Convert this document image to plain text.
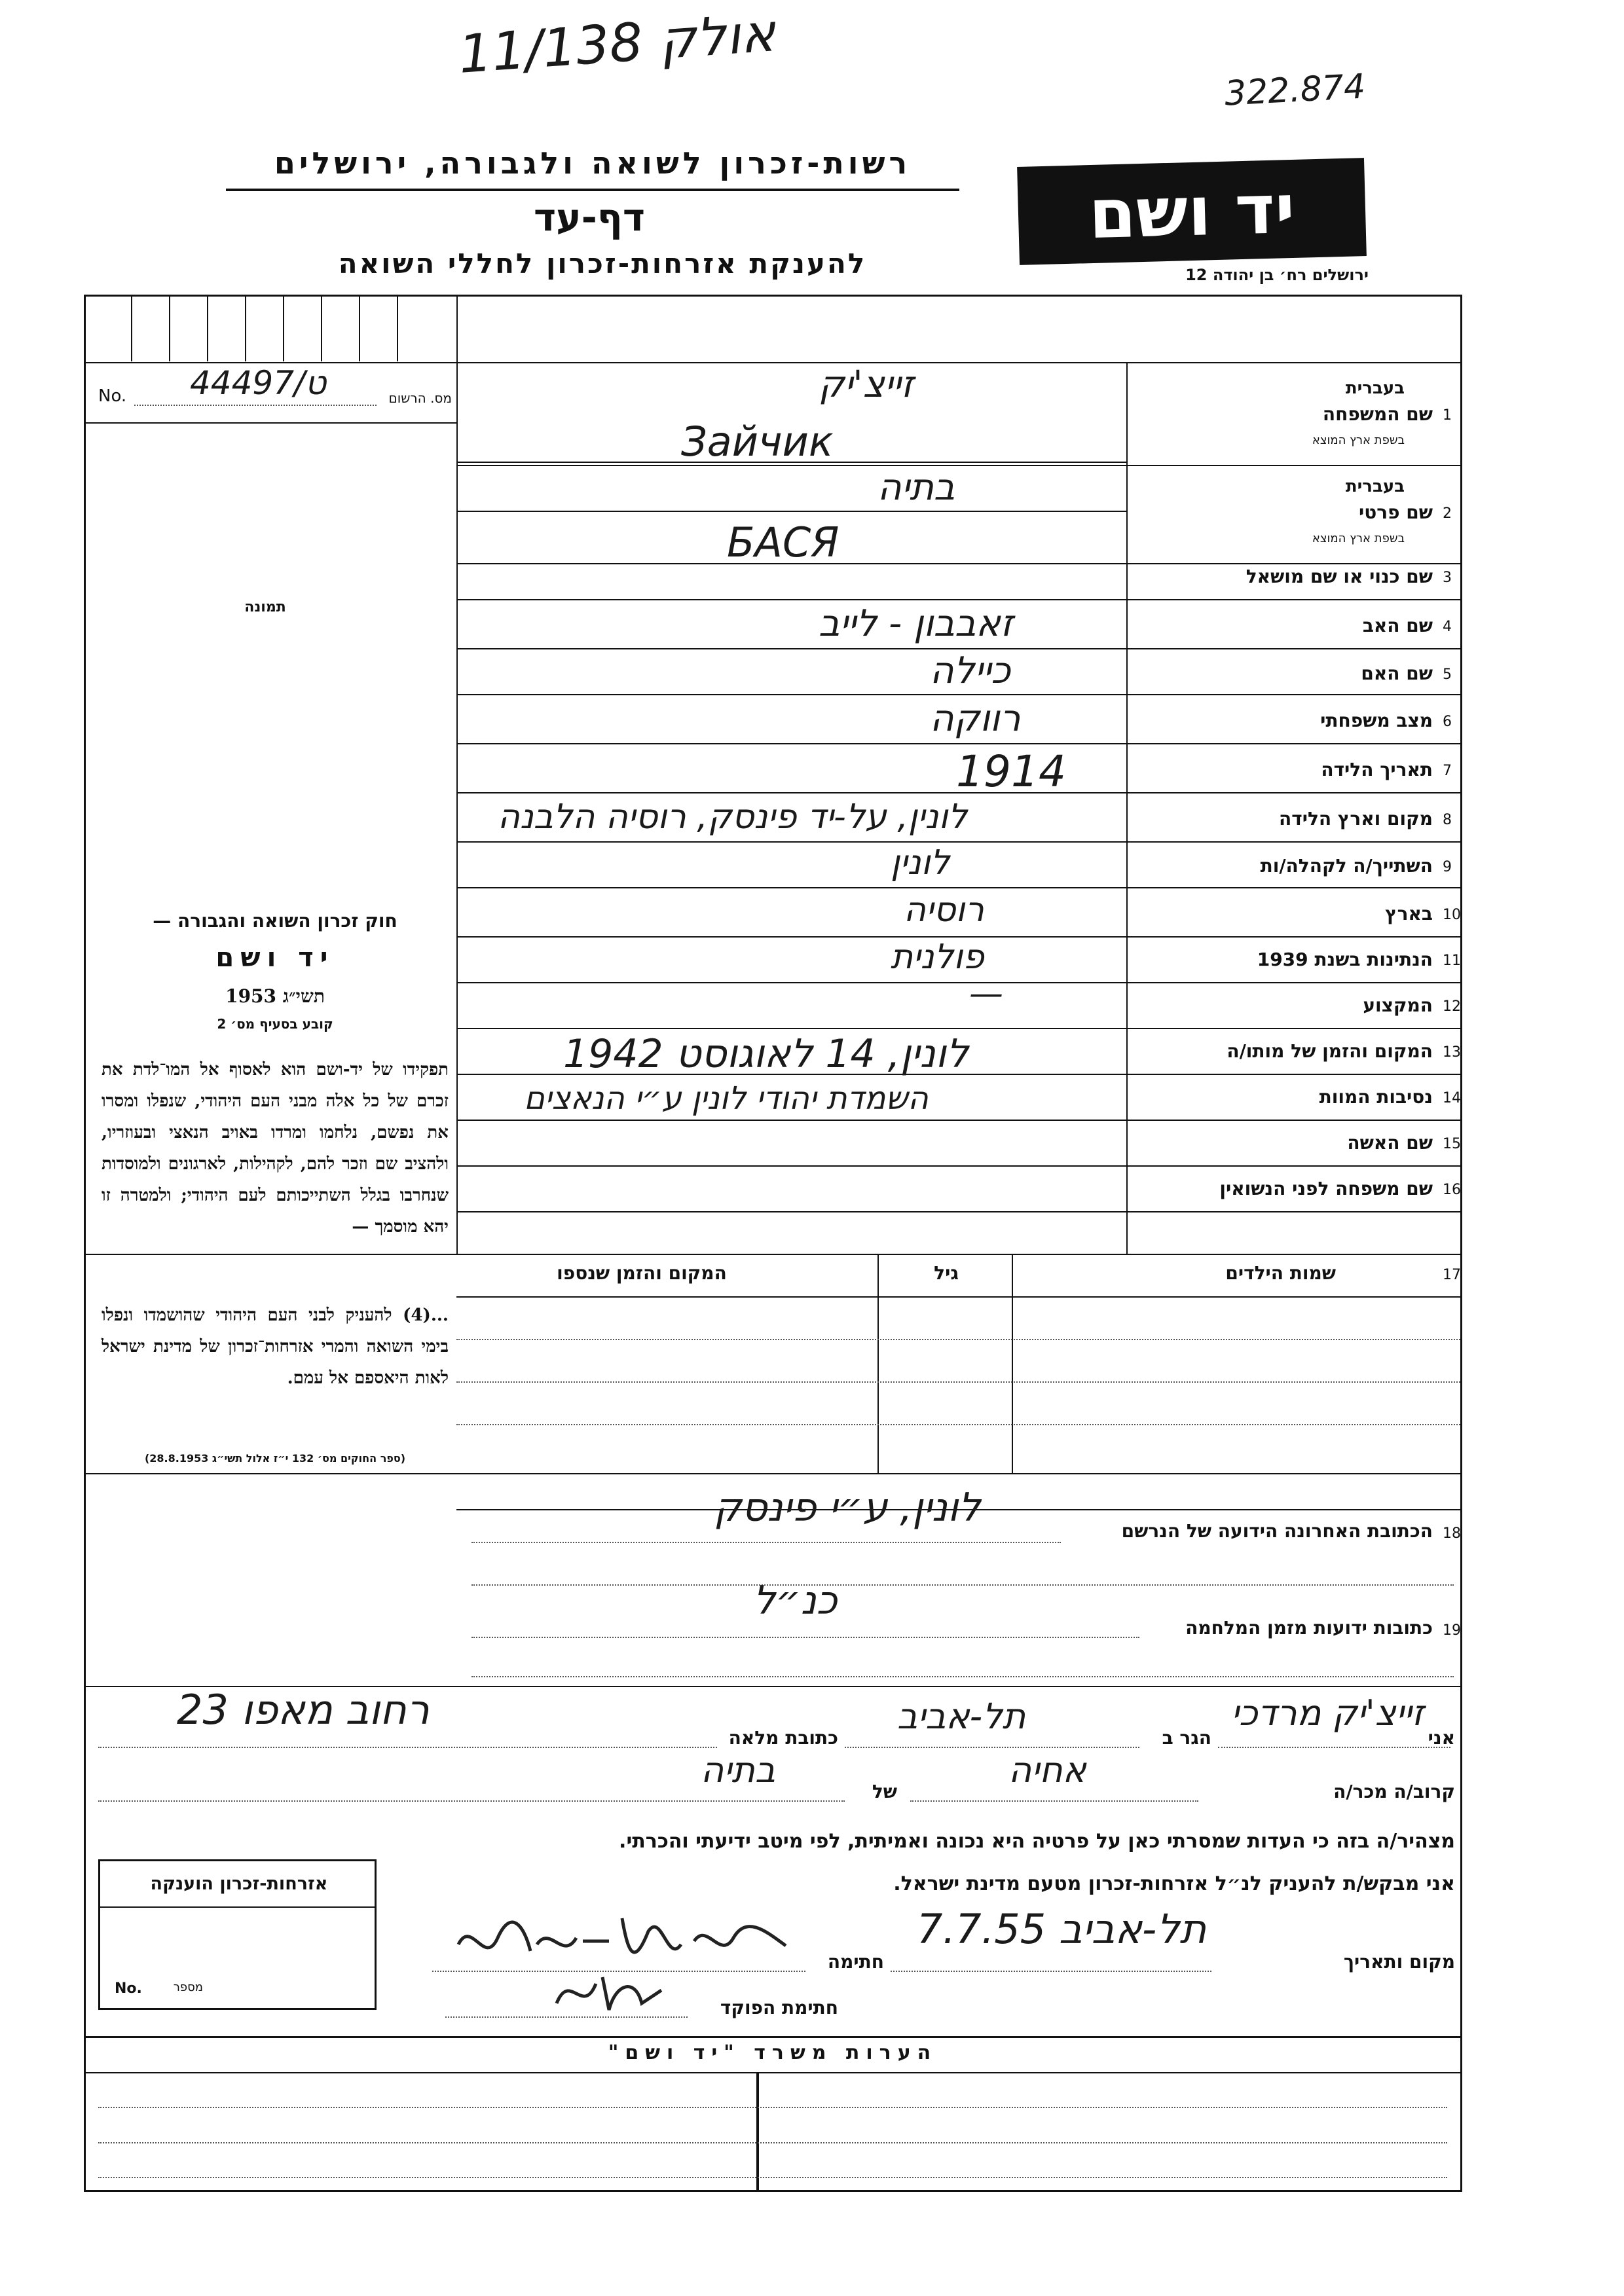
אולק 11/138
322.874
רשות-זכרון לשואה ולגבורה, ירושלים
דף-עד
להענקת אזרחות-זכרון לחללי השואה
יד ושם
ירושלים רח׳ בן יהודה 12
No. 44497/ט	מס. הרשום
תמונה
חוק זכרון השואה והגבורה —
יד ושם
תשי״ג 1953
קובע בסעיף מס׳ 2
תפקידו של יד-ושם הוא לאסוף אל המו־לדת את זכרם של כל אלה מבני העם היהודי, שנפלו ומסרו את נפשם, נלחמו ומרדו באויב הנאצי ובעוזריו, ולהציב שם וזכר להם, לקהילות, לארגונים ולמוסדות שנחרבו בגלל השתייכותם לעם היהודי; ולמטרה זו יהא מוסמך —
...(4) להעניק לבני העם היהודי שהושמדו ונפלו בימי השואה והמרי אזרחות־זכרון של מדינת ישראל לאות היאספם אל עמם.
(ספר החוקים מס׳ 132 י״ז אלול תשי״ג 28.8.1953)
1
שם המשפחה
בעברית
בשפת ארץ המוצא
זייצ'יק
Зайчик
2
שם פרטי
בעברית
בשפת ארץ המוצא
בתיה
БАСЯ
3
שם כנוי או שם מושאל
4
שם האב
זאבבון - לייב
5
שם האם
כיילה
6
מצב משפחתי
רווקה
7
תאריך הלידה
1914
8
מקום וארץ הלידה
לונין, על-יד פינסק, רוסיה הלבנה
9
השתייך/ה לקהלה/ות
לונין
10
בארץ
רוסיה
11
הנתינות בשנת 1939
פולנית
12
המקצוע
—
13
המקום והזמן של מותו/ה
לונין, 14 לאוגוסט 1942
14
נסיבות המוות
השמדת יהודי לונין ע״י הנאצים
15
שם האשה
16
שם משפחה לפני הנשואין
17
שמות הילדים
גיל
המקום והזמן שנספו
18
הכתובת האחרונה הידועה של הנרשם
לונין, ע״י פינסק
19
כתובות ידועות מזמן המלחמה
כנ״ל
אני
זייצ'יק מרדכי
הגר ב
תל-אביב
כתובת מלאה
רחוב מאפו 23
קרוב/ה מכר/ה
אחיה
של
בתיה
מצהיר/ה בזה כי העדות שמסרתי כאן על פרטיה היא נכונה ואמיתית, לפי מיטב ידיעתי והכרתי.
אני מבקש/ת להעניק לנ״ל אזרחות-זכרון מטעם מדינת ישראל.
מקום ותאריך
תל-אביב 7.7.55
חתימה
חתימת הפוקד
אזרחות-זכרון הוענקה
No.	מספר
הערות משרד "יד ושם"
